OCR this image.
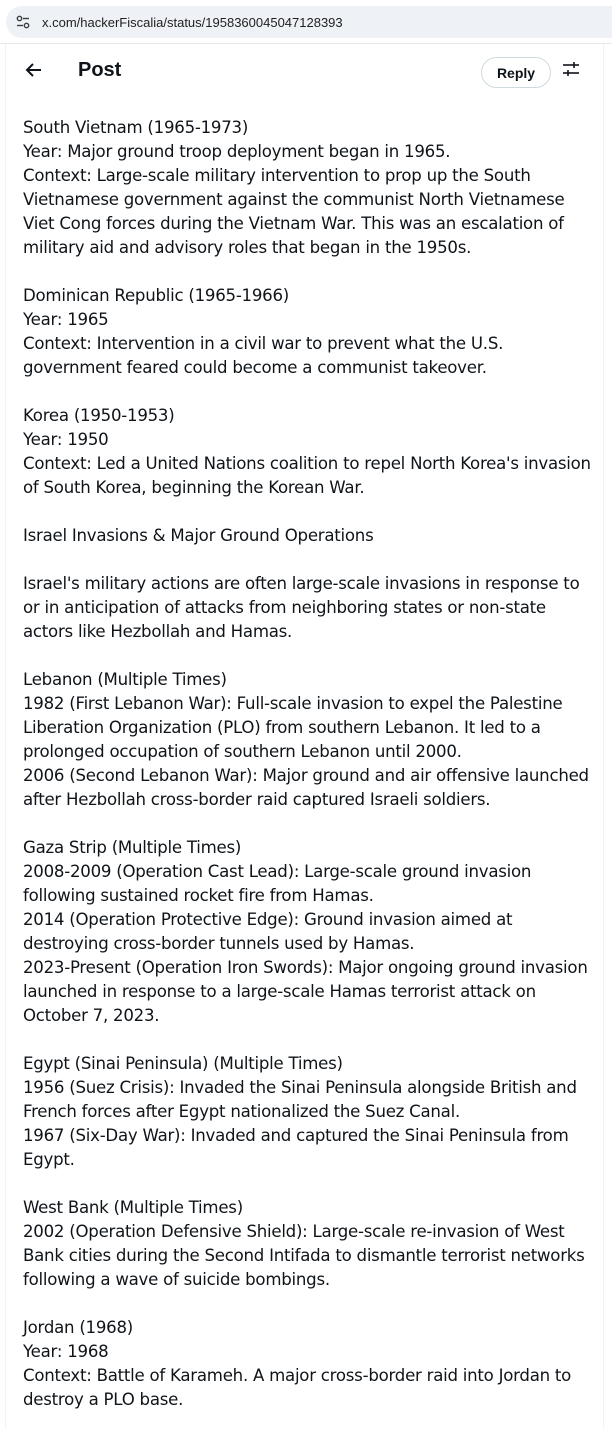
x.com/hackerFiscalia/status/1958360045047128393
Post	Reply
South Vietnam (1965-1973)
Year: Major ground troop deployment began in 1965.
Context: Large-scale military intervention to prop up the South Vietnamese government against the communist North Vietnamese Viet Cong forces during the Vietnam War. This was an escalation of military aid and advisory roles that began in the 1950s.
Dominican Republic (1965-1966)
Year: 1965
Context: Intervention in a civil war to prevent what the U.S. government feared could become a communist takeover.
Korea (1950-1953)
Year: 1950
Context: Led a United Nations coalition to repel North Korea's invasion of South Korea, beginning the Korean War.
Israel Invasions & Major Ground Operations
Israel's military actions are often large-scale invasions in response to or in anticipation of attacks from neighboring states or non-state actors like Hezbollah and Hamas.
Lebanon (Multiple Times)
1982 (First Lebanon War): Full-scale invasion to expel the Palestine Liberation Organization (PLO) from southern Lebanon. It led to a prolonged occupation of southern Lebanon until 2000.
2006 (Second Lebanon War): Major ground and air offensive launched after Hezbollah cross-border raid captured Israeli soldiers.
Gaza Strip (Multiple Times)
2008-2009 (Operation Cast Lead): Large-scale ground invasion following sustained rocket fire from Hamas.
2014 (Operation Protective Edge): Ground invasion aimed at destroying cross-border tunnels used by Hamas.
2023-Present (Operation Iron Swords): Major ongoing ground invasion launched in response to a large-scale Hamas terrorist attack on October 7, 2023.
Egypt (Sinai Peninsula) (Multiple Times)
1956 (Suez Crisis): Invaded the Sinai Peninsula alongside British and French forces after Egypt nationalized the Suez Canal.
1967 (Six-Day War): Invaded and captured the Sinai Peninsula from Egypt.
West Bank (Multiple Times)
2002 (Operation Defensive Shield): Large-scale re-invasion of West Bank cities during the Second Intifada to dismantle terrorist networks following a wave of suicide bombings.
Jordan (1968)
Year: 1968
Context: Battle of Karameh. A major cross-border raid into Jordan to destroy a PLO base.
